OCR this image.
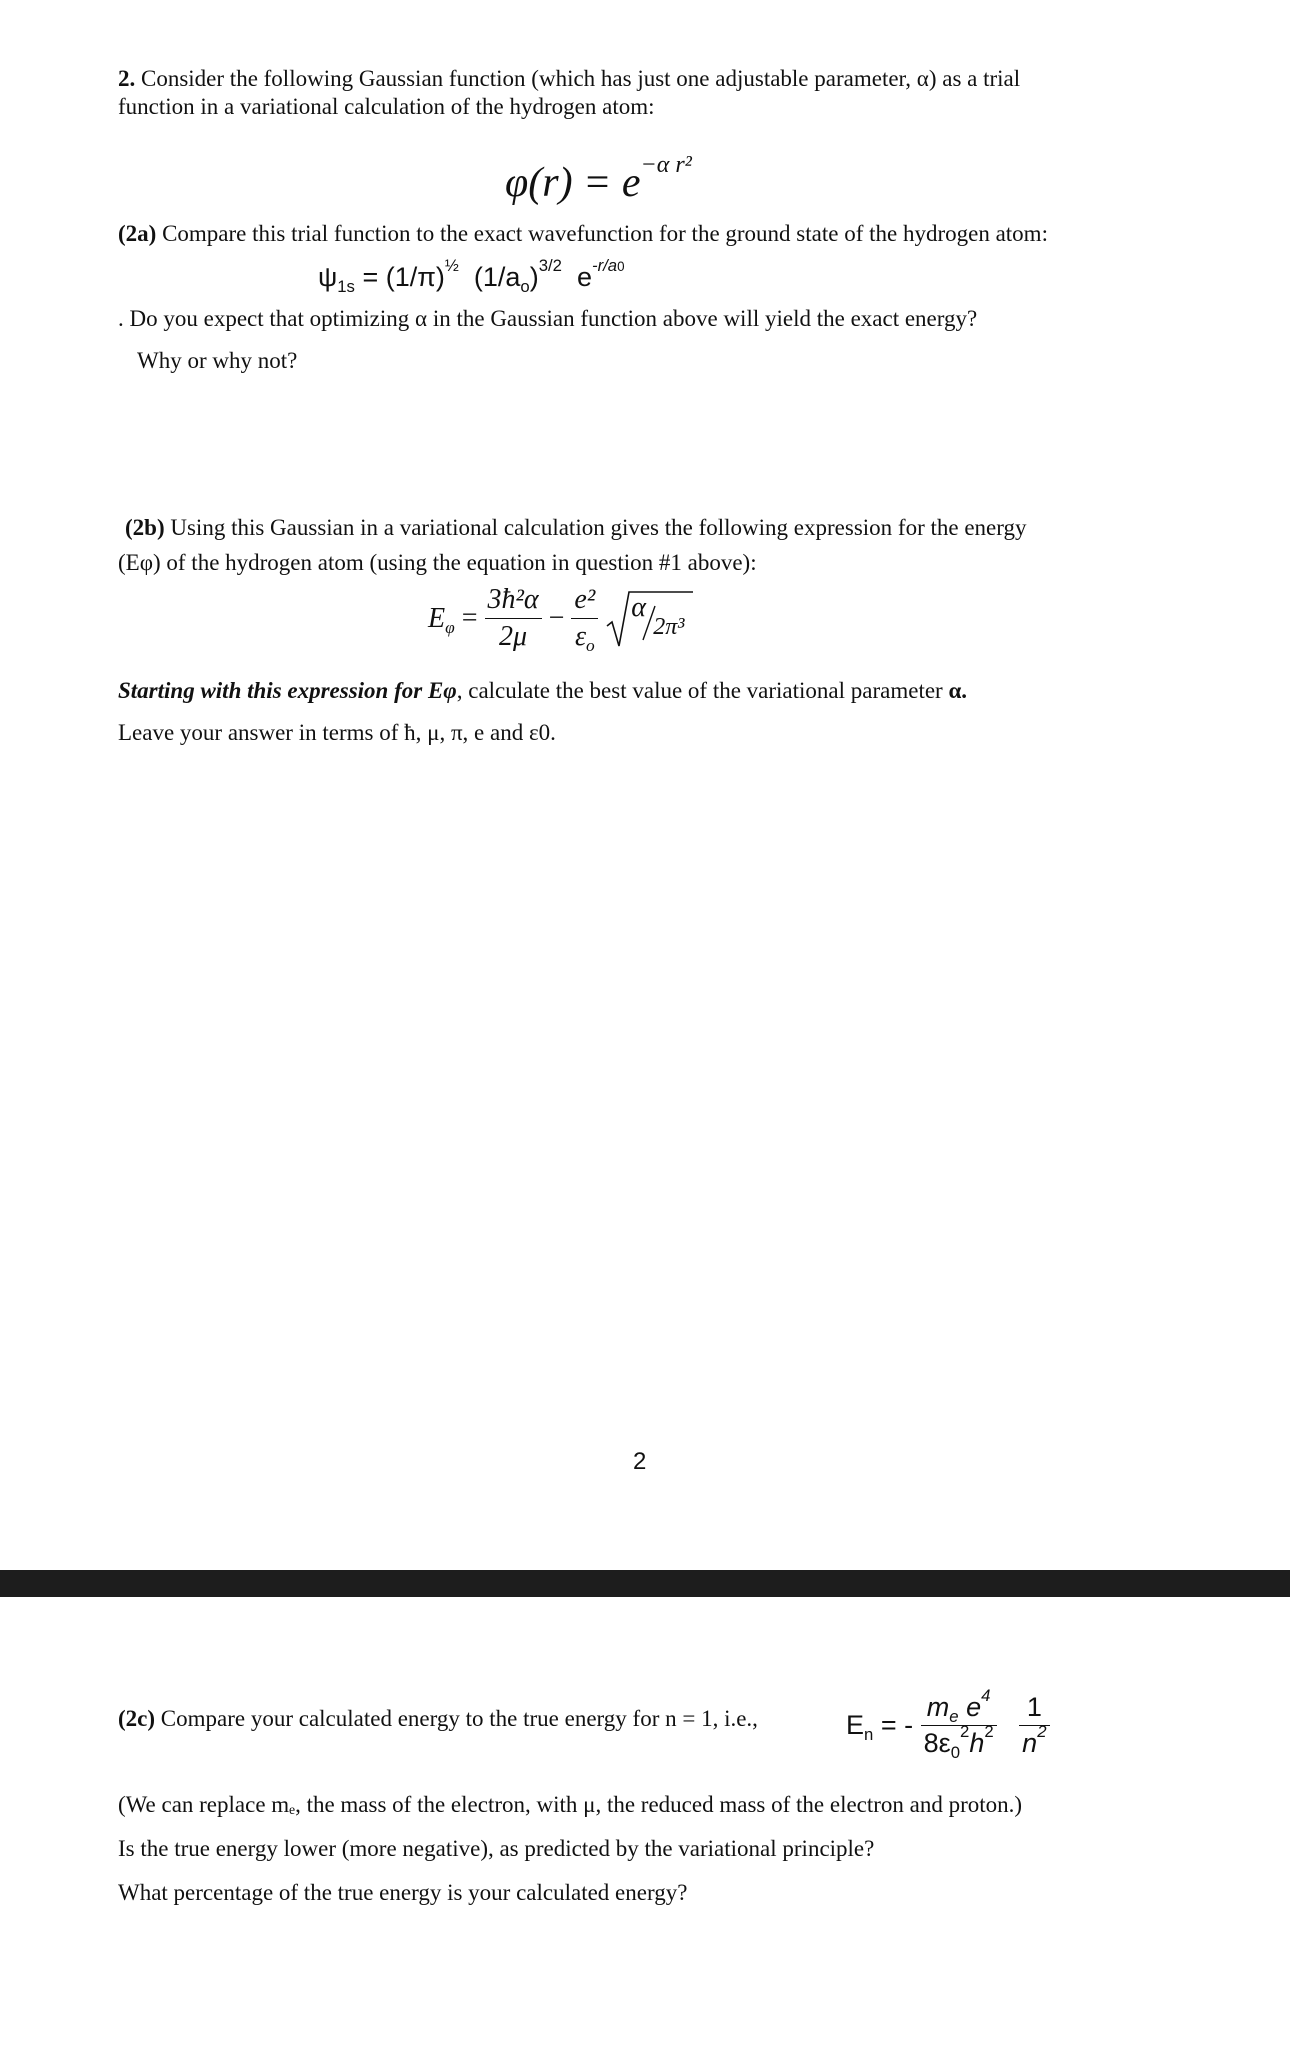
2. Consider the following Gaussian function (which has just one adjustable parameter, α) as a trial
function in a variational calculation of the hydrogen atom:
$\varphi(r) = e^{-\alpha r^2}$
(2a) Compare this trial function to the exact wavefunction for the ground state of the hydrogen atom:
$\psi_{1s} = (1/\pi)^{\frac{1}{2}}$ $(1/a_o)^{3/2}$ $e^{-r/a0}$
. Do you expect that optimizing α in the Gaussian function above will yield the exact energy?
Why or why not?
(2b) Using this Gaussian in a variational calculation gives the following expression for the energy
(Eφ) of the hydrogen atom (using the equation in question #1 above):
$E_\varphi = \frac{\text{3ħ²α}}{2\mu} - \frac{\text{e²}}{\varepsilon_o}$
α
2π³
Starting with this expression for Eφ, calculate the best value of the variational parameter α.
Leave your answer in terms of ħ, μ, π, e and ε0.
2
(2c) Compare your calculated energy to the true energy for n = 1, i.e.,	$E_n$ = - $\frac{m_e e^4}{8\varepsilon_0^2h^2}$
$\frac{1}{n^2}$
(We can replace mₑ, the mass of the electron, with μ, the reduced mass of the electron and proton.)
Is the true energy lower (more negative), as predicted by the variational principle?
What percentage of the true energy is your calculated energy?
